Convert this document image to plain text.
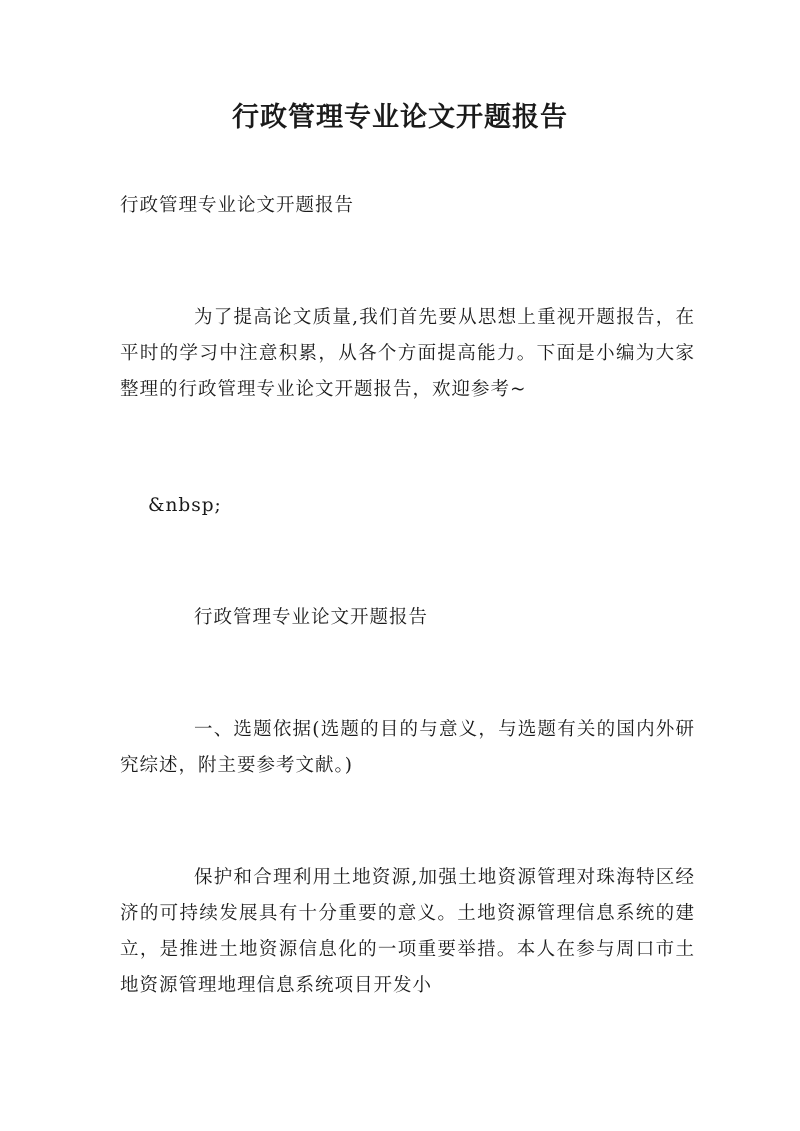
行政管理专业论文开题报告

行政管理专业论文开题报告

为了提高论文质量,我们首先要从思想上重视开题报告，在平时的学习中注意积累，从各个方面提高能力。下面是小编为大家整理的行政管理专业论文开题报告，欢迎参考~

&nbsp;

行政管理专业论文开题报告

一、选题依据(选题的目的与意义，与选题有关的国内外研究综述，附主要参考文献。)

保护和合理利用土地资源,加强土地资源管理对珠海特区经济的可持续发展具有十分重要的意义。土地资源管理信息系统的建立，是推进土地资源信息化的一项重要举措。本人在参与周口市土地资源管理地理信息系统项目开发小
